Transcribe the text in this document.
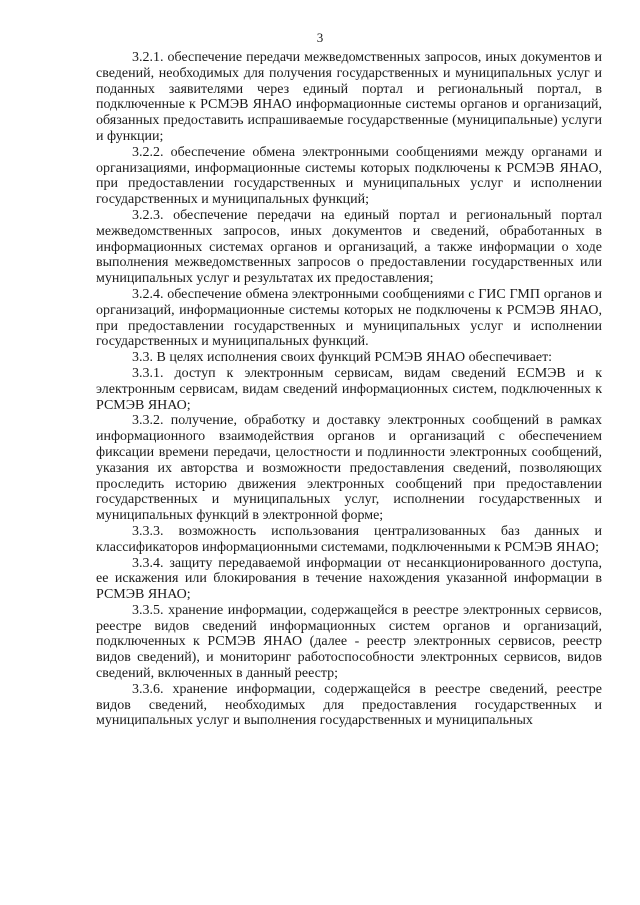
3

3.2.1. обеспечение передачи межведомственных запросов, иных документов и сведений, необходимых для получения государственных и муниципальных услуг и поданных заявителями через единый портал и региональный портал, в подключенные к РСМЭВ ЯНАО информационные системы органов и организаций, обязанных предоставить испрашиваемые государственные (муниципальные) услуги и функции;

3.2.2. обеспечение обмена электронными сообщениями между органами и организациями, информационные системы которых подключены к РСМЭВ ЯНАО, при предоставлении государственных и муниципальных услуг и исполнении государственных и муниципальных функций;

3.2.3. обеспечение передачи на единый портал и региональный портал межведомственных запросов, иных документов и сведений, обработанных в информационных системах органов и организаций, а также информации о ходе выполнения межведомственных запросов о предоставлении государственных или муниципальных услуг и результатах их предоставления;

3.2.4. обеспечение обмена электронными сообщениями с ГИС ГМП органов и организаций, информационные системы которых не подключены к РСМЭВ ЯНАО, при предоставлении государственных и муниципальных услуг и исполнении государственных и муниципальных функций.

3.3. В целях исполнения своих функций РСМЭВ ЯНАО обеспечивает:

3.3.1. доступ к электронным сервисам, видам сведений ЕСМЭВ и к электронным сервисам, видам сведений информационных систем, подключенных к РСМЭВ ЯНАО;

3.3.2. получение, обработку и доставку электронных сообщений в рамках информационного взаимодействия органов и организаций с обеспечением фиксации времени передачи, целостности и подлинности электронных сообщений, указания их авторства и возможности предоставления сведений, позволяющих проследить историю движения электронных сообщений при предоставлении государственных и муниципальных услуг, исполнении государственных и муниципальных функций в электронной форме;

3.3.3. возможность использования централизованных баз данных и классификаторов информационными системами, подключенными к РСМЭВ ЯНАО;

3.3.4. защиту передаваемой информации от несанкционированного доступа, ее искажения или блокирования в течение нахождения указанной информации в РСМЭВ ЯНАО;

3.3.5. хранение информации, содержащейся в реестре электронных сервисов, реестре видов сведений информационных систем органов и организаций, подключенных к РСМЭВ ЯНАО (далее - реестр электронных сервисов, реестр видов сведений), и мониторинг работоспособности электронных сервисов, видов сведений, включенных в данный реестр;

3.3.6. хранение информации, содержащейся в реестре сведений, реестре видов сведений, необходимых для предоставления государственных и муниципальных услуг и выполнения государственных и муниципальных
